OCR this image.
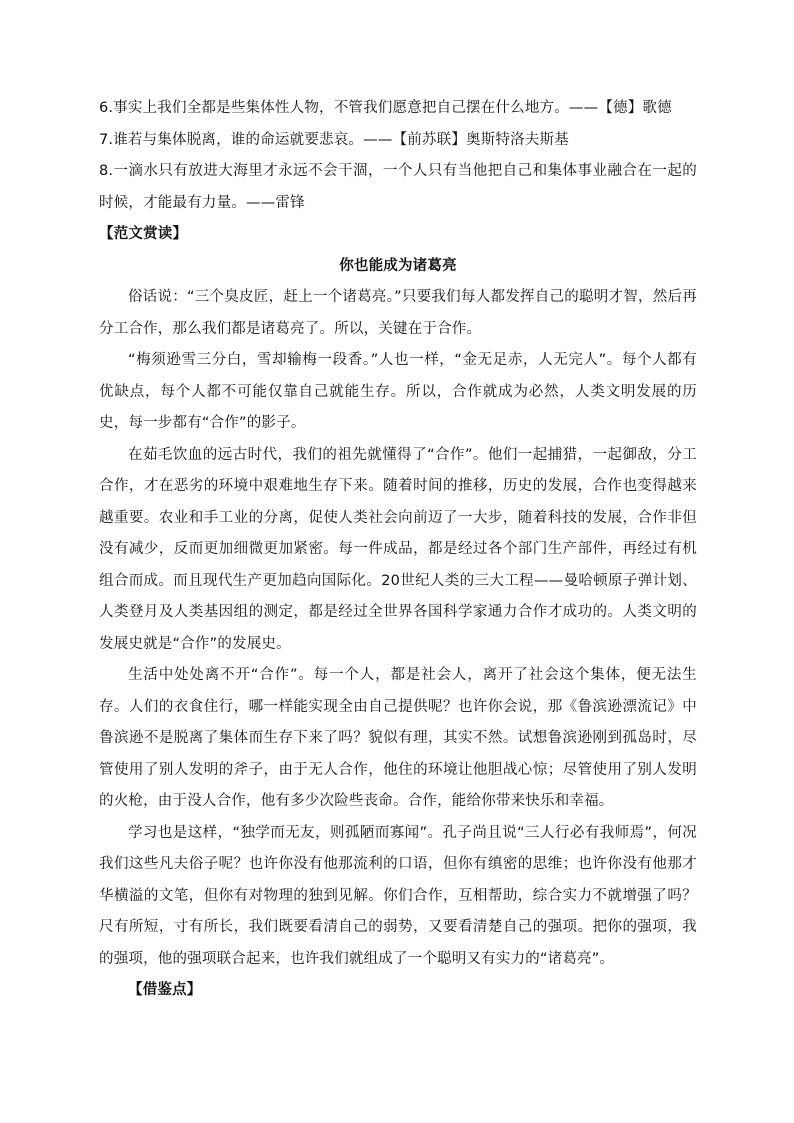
6.事实上我们全都是些集体性人物，不管我们愿意把自己摆在什么地方。——【德】歌德
7.谁若与集体脱离，谁的命运就要悲哀。——【前苏联】奥斯特洛夫斯基
8.一滴水只有放进大海里才永远不会干涸，一个人只有当他把自己和集体事业融合在一起的时候，才能最有力量。——雷锋
【范文赏读】
你也能成为诸葛亮

俗话说：“三个臭皮匠，赶上一个诸葛亮。”只要我们每人都发挥自己的聪明才智，然后再分工合作，那么我们都是诸葛亮了。所以，关键在于合作。

“梅须逊雪三分白，雪却输梅一段香。”人也一样，“金无足赤，人无完人”。每个人都有　优缺点，每个人都不可能仅靠自己就能生存。所以，合作就成为必然，人类文明发展的历史，每一步都有“合作”的影子。

在茹毛饮血的远古时代，我们的祖先就懂得了“合作”。他们一起捕猎，一起御敌，分工合作，才在恶劣的环境中艰难地生存下来。随着时间的推移，历史的发展，合作也变得越来越重要。农业和手工业的分离，促使人类社会向前迈了一大步，随着科技的发展，合作非但没有减少，反而更加细微更加紧密。每一件成品，都是经过各个部门生产部件，再经过有机组合而成。而且现代生产更加趋向国际化。20世纪人类的三大工程——曼哈顿原子弹计划、人类登月及人类基因组的测定，都是经过全世界各国科学家通力合作才成功的。人类文明的发展史就是“合作”的发展史。

生活中处处离不开“合作”。每一个人，都是社会人，离开了社会这个集体，便无法生存。人们的衣食住行，哪一样能实现全由自己提供呢？也许你会说，那《鲁滨逊漂流记》中鲁滨逊不是脱离了集体而生存下来了吗？貌似有理，其实不然。试想鲁滨逊刚到孤岛时，尽管使用了别人发明的斧子，由于无人合作，他住的环境让他胆战心惊；尽管使用了别人发明的火枪，由于没人合作，他有多少次险些丧命。合作，能给你带来快乐和幸福。

学习也是这样，“独学而无友，则孤陋而寡闻”。孔子尚且说“三人行必有我师焉”，何况我们这些凡夫俗子呢？也许你没有他那流利的口语，但你有缜密的思维；也许你没有他那才华横溢的文笔，但你有对物理的独到见解。你们合作，互相帮助，综合实力不就增强了吗？尺有所短，寸有所长，我们既要看清自己的弱势，又要看清楚自己的强项。把你的强项，我的强项，他的强项联合起来，也许我们就组成了一个聪明又有实力的“诸葛亮”。

【借鉴点】
